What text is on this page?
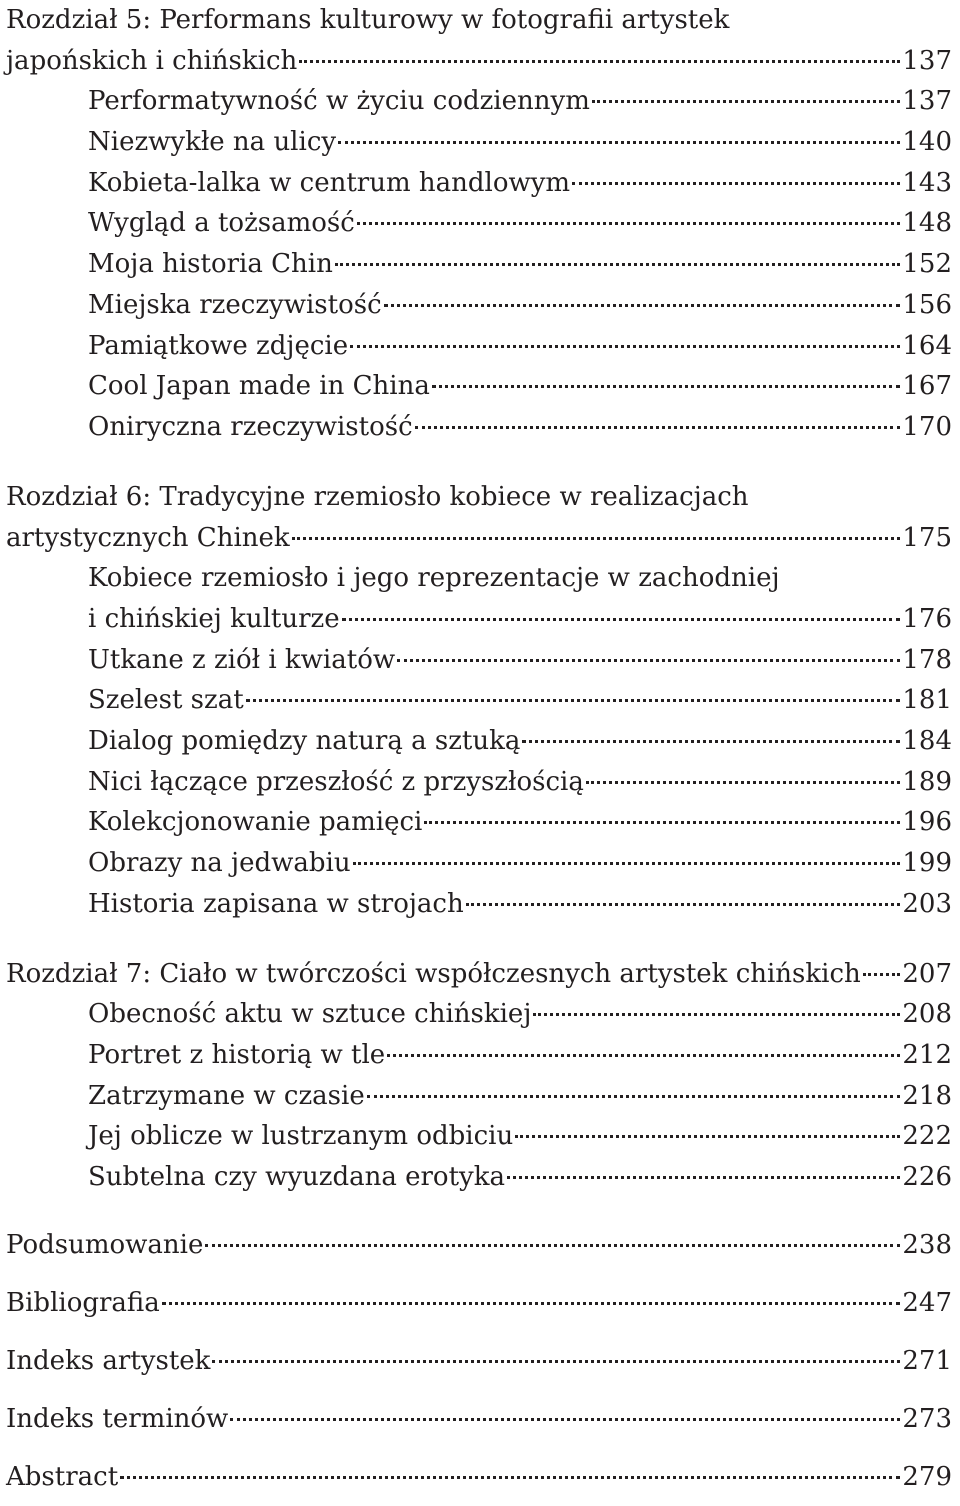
Rozdział 5: Performans kulturowy w fotografii artystek
japońskich i chińskich	137
Performatywność w życiu codziennym	137
Niezwykłe na ulicy	140
Kobieta-lalka w centrum handlowym	143
Wygląd a tożsamość	148
Moja historia Chin	152
Miejska rzeczywistość	156
Pamiątkowe zdjęcie	164
Cool Japan made in China	167
Oniryczna rzeczywistość	170
Rozdział 6: Tradycyjne rzemiosło kobiece w realizacjach
artystycznych Chinek	175
Kobiece rzemiosło i jego reprezentacje w zachodniej
i chińskiej kulturze	176
Utkane z ziół i kwiatów	178
Szelest szat	181
Dialog pomiędzy naturą a sztuką	184
Nici łączące przeszłość z przyszłością	189
Kolekcjonowanie pamięci	196
Obrazy na jedwabiu	199
Historia zapisana w strojach	203
Rozdział 7: Ciało w twórczości współczesnych artystek chińskich 207
Obecność aktu w sztuce chińskiej	208
Portret z historią w tle	212
Zatrzymane w czasie	218
Jej oblicze w lustrzanym odbiciu	222
Subtelna czy wyuzdana erotyka	226
Podsumowanie	238
Bibliografia	247
Indeks artystek	271
Indeks terminów	273
Abstract	279
